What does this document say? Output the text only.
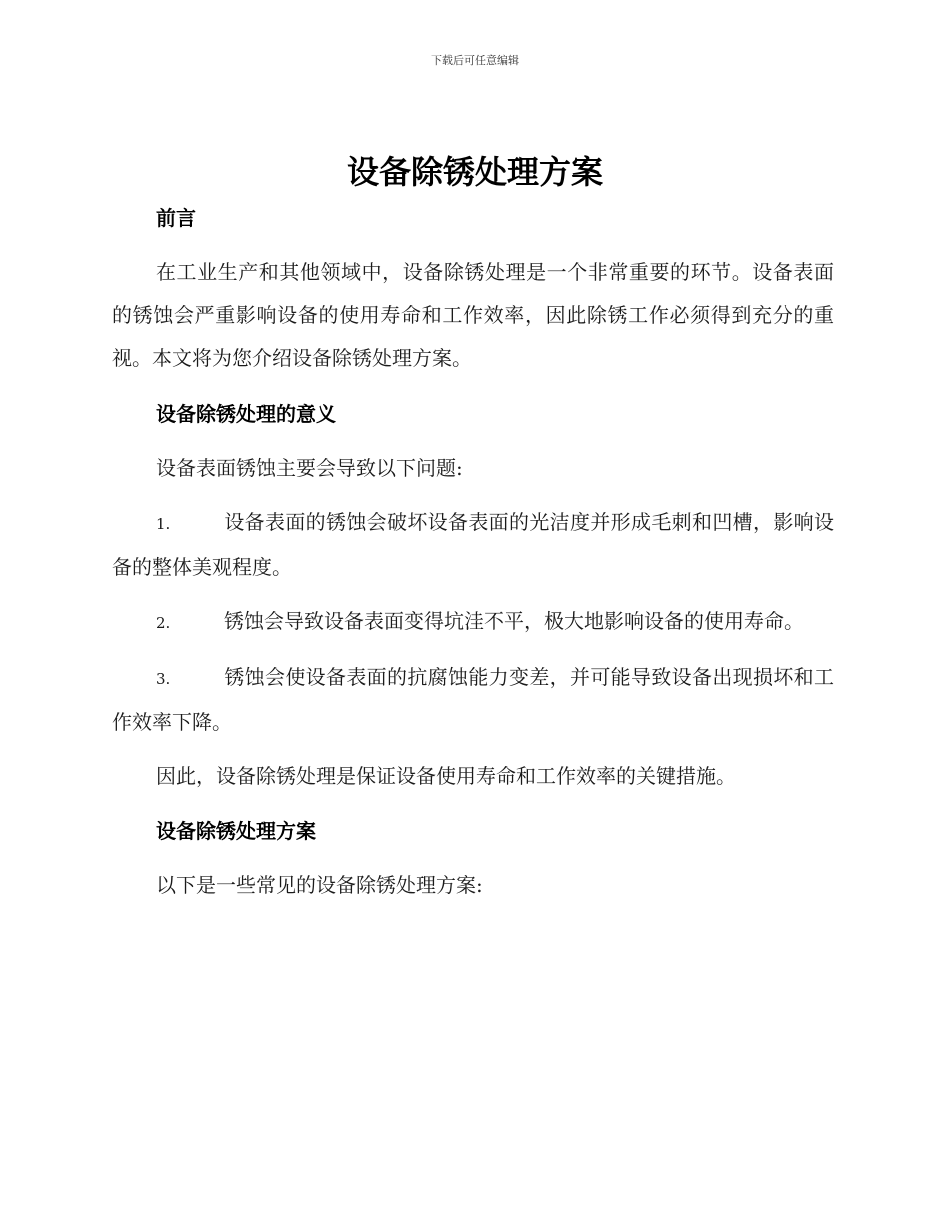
下载后可任意编辑
设备除锈处理方案

前言

在工业生产和其他领域中，设备除锈处理是一个非常重要的环节。设备表面的锈蚀会严重影响设备的使用寿命和工作效率，因此除锈工作必须得到充分的重视。本文将为您介绍设备除锈处理方案。

设备除锈处理的意义

设备表面锈蚀主要会导致以下问题:

1.	设备表面的锈蚀会破坏设备表面的光洁度并形成毛刺和凹槽，影响设备的整体美观程度。

2.	锈蚀会导致设备表面变得坑洼不平，极大地影响设备的使用寿命。

3.	锈蚀会使设备表面的抗腐蚀能力变差，并可能导致设备出现损坏和工作效率下降。

因此，设备除锈处理是保证设备使用寿命和工作效率的关键措施。

设备除锈处理方案

以下是一些常见的设备除锈处理方案:
